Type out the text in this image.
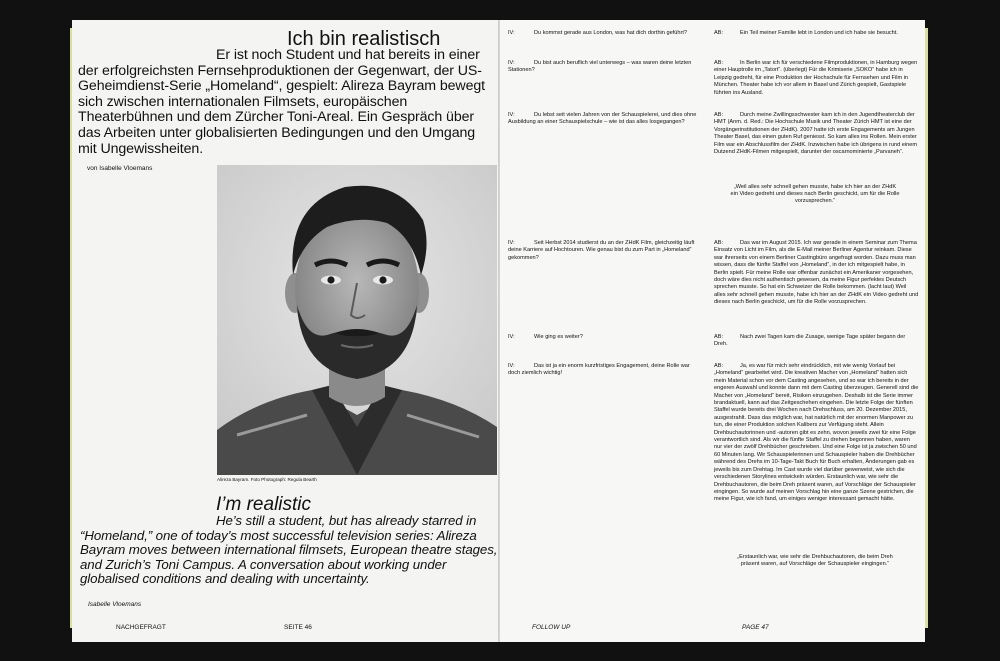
Ich bin realistisch
Er ist noch Student und hat bereits in einer der erfolgreichsten Fernsehproduktionen der Gegenwart, der US-Geheimdienst-Serie „Homeland“, gespielt: Alireza Bayram bewegt sich zwischen internationalen Filmsets, europäischen Theaterbühnen und dem Zürcher Toni-Areal. Ein Gespräch über das Arbeiten unter globalisierten Bedingungen und den Umgang mit Ungewissheiten.
von Isabelle Vloemans
Alireza Bayram. Foto Photograph: Regula Bearth
I’m realistic
He’s still a student, but has already starred in “Homeland,” one of today’s most successful television series: Alireza Bayram moves between international filmsets, European theatre stages, and Zurich’s Toni Campus. A conversation about working under globalised conditions and dealing with uncertainty.
Isabelle Vloemans
NACHGEFRAGT	SEITE 46
IV:	Du kommst gerade aus London, was hat dich dorthin geführt?	AB:	Ein Teil meiner Familie lebt in London und ich habe sie besucht.
IV:	Du bist auch beruflich viel unterwegs – was waren deine letzten Stationen?
AB:	In Berlin war ich für verschiedene Filmproduktionen, in Hamburg wegen einer Hauptrolle im „Tatort“. (überlegt) Für die Krimiserie „SOKO“ habe ich in Leipzig gedreht, für eine Produktion der Hochschule für Fernsehen und Film in München. Theater habe ich vor allem in Basel und Zürich gespielt, Gastspiele führten ins Ausland.
IV:	Du lebst seit vielen Jahren von der Schauspielerei, und dies ohne Ausbildung an einer Schauspielschule – wie ist das alles losgegangen?
AB:	Durch meine Zwillingsschwester kam ich in den Jugendtheaterclub der HMT (Anm. d. Red.: Die Hochschule Musik und Theater Zürich HMT ist eine der Vorgängerinstitutionen der ZHdK). 2007 hatte ich erste Engagements am Jungen Theater Basel, das einen guten Ruf geniesst. So kam alles ins Rollen. Mein erster Film war ein Abschlussfilm der ZHdK. Inzwischen habe ich übrigens in rund einem Dutzend ZHdK-Filmen mitgespielt, darunter der oscarnominierte „Parvaneh“.
„Weil alles sehr schnell gehen musste, habe ich hier an der ZHdK ein Video gedreht und dieses nach Berlin geschickt, um für die Rolle vorzusprechen.“
IV:	Seit Herbst 2014 studierst du an der ZHdK Film, gleichzeitig läuft deine Karriere auf Hochtouren. Wie genau bist du zum Part in „Homeland“ gekommen?
AB:	Das war im August 2015. Ich war gerade in einem Seminar zum Thema Einsatz von Licht im Film, als die E-Mail meiner Berliner Agentur reinkam. Diese war ihrerseits von einem Berliner Castingbüro angefragt worden. Dazu muss man wissen, dass die fünfte Staffel von „Homeland“, in der ich mitgespielt habe, in Berlin spielt. Für meine Rolle war offenbar zunächst ein Amerikaner vorgesehen, doch wäre dies nicht authentisch gewesen, da meine Figur perfektes Deutsch sprechen musste. So hat ein Schweizer die Rolle bekommen. (lacht laut) Weil alles sehr schnell gehen musste, habe ich hier an der ZHdK ein Video gedreht und dieses nach Berlin geschickt, um für die Rolle vorzusprechen.
IV:	Wie ging es weiter?	AB:	Nach zwei Tagen kam die Zusage, wenige Tage später begann der Dreh.
IV:	Das ist ja ein enorm kurzfristiges Engagement, deine Rolle war doch ziemlich wichtig!
AB:	Ja, es war für mich sehr eindrücklich, mit wie wenig Vorlauf bei „Homeland“ gearbeitet wird. Die kreativen Macher von „Homeland“ hatten sich mein Material schon vor dem Casting angesehen, und so war ich bereits in der engeren Auswahl und konnte dann mit dem Casting überzeugen. Generell sind die Macher von „Homeland“ bereit, Risiken einzugehen. Deshalb ist die Serie immer brandaktuell, kann auf das Zeitgeschehen eingehen. Die letzte Folge der fünften Staffel wurde bereits drei Wochen nach Drehschluss, am 20. Dezember 2015, ausgestrahlt. Dass das möglich war, hat natürlich mit der enormen Manpower zu tun, die einer Produktion solchen Kalibers zur Verfügung steht. Allein Drehbuchautorinnen und -autoren gibt es zehn, wovon jeweils zwei für eine Folge verantwortlich sind. Als wir die fünfte Staffel zu drehen begonnen haben, waren nur vier der zwölf Drehbücher geschrieben. Und eine Folge ist ja zwischen 50 und 60 Minuten lang. Wir Schauspielerinnen und Schauspieler haben die Drehbücher während des Drehs im 10-Tage-Takt Buch für Buch erhalten, Änderungen gab es jeweils bis zum Drehtag. Im Cast wurde viel darüber gewerweist, wie sich die verschiedenen Storylines entwickeln würden. Erstaunlich war, wie sehr die Drehbuchautoren, die beim Dreh präsent waren, auf Vorschläge der Schauspieler eingingen. So wurde auf meinen Vorschlag hin eine ganze Szene gestrichen, die meine Figur, wie ich fand, um einiges weniger interessant gemacht hätte.
„Erstaunlich war, wie sehr die Drehbuchautoren, die beim Dreh präsent waren, auf Vorschläge der Schauspieler eingingen.“
FOLLOW UP	PAGE 47
